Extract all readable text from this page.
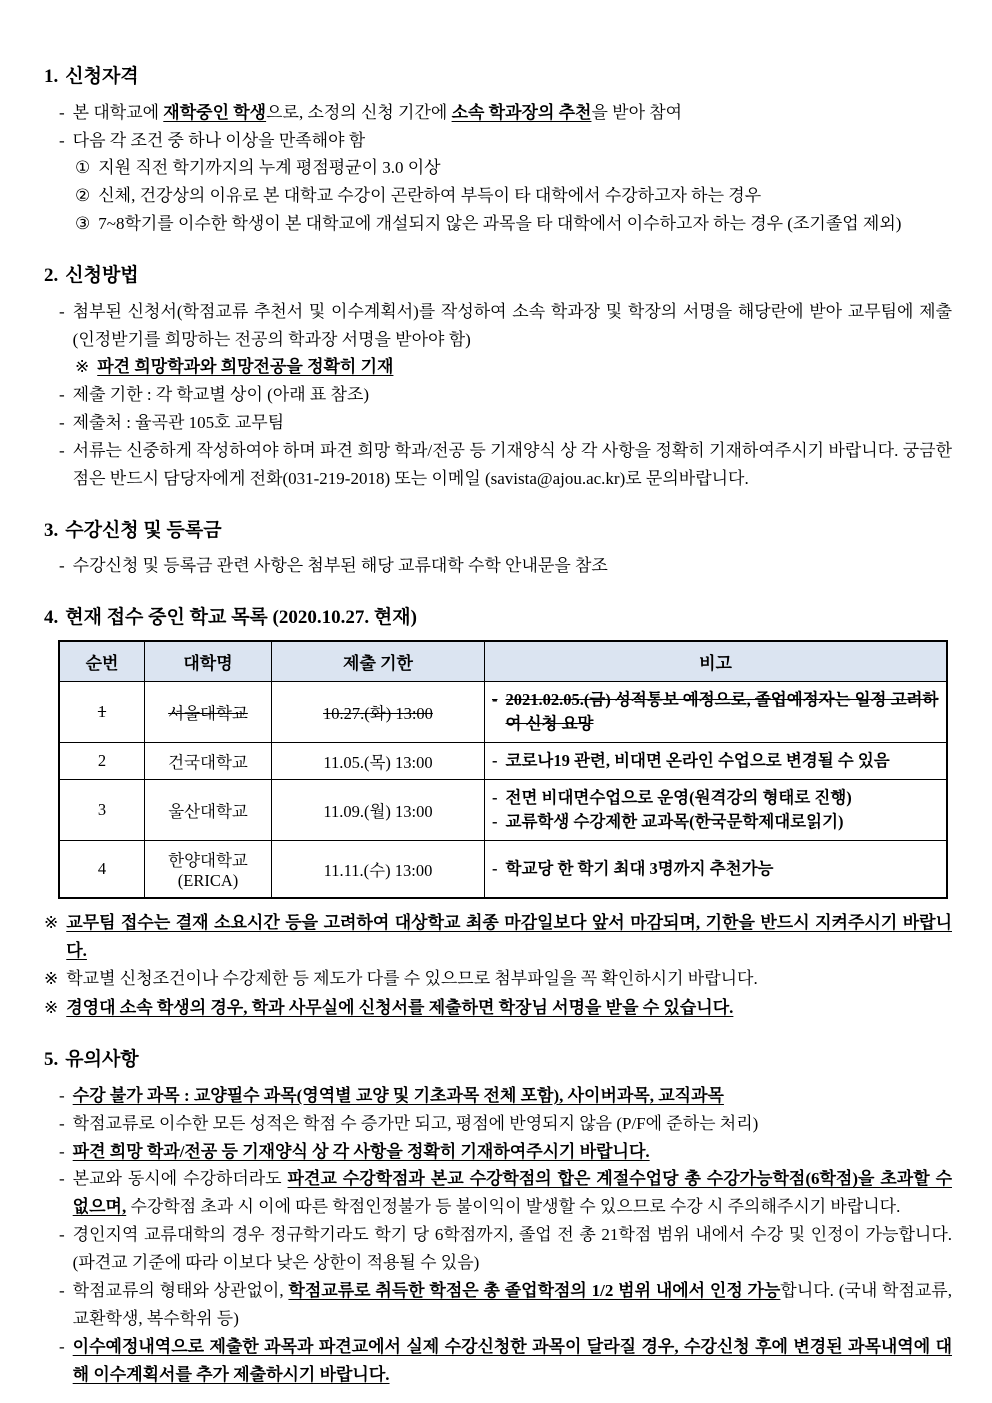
1. 신청자격
- 본 대학교에 재학중인 학생으로, 소정의 신청 기간에 소속 학과장의 추천을 받아 참여
- 다음 각 조건 중 하나 이상을 만족해야 함
① 지원 직전 학기까지의 누계 평점평균이 3.0 이상
② 신체, 건강상의 이유로 본 대학교 수강이 곤란하여 부득이 타 대학에서 수강하고자 하는 경우
③ 7~8학기를 이수한 학생이 본 대학교에 개설되지 않은 과목을 타 대학에서 이수하고자 하는 경우 (조기졸업 제외)
2. 신청방법
- 첨부된 신청서(학점교류 추천서 및 이수계획서)를 작성하여 소속 학과장 및 학장의 서명을 해당란에 받아 교무팀에 제출 (인정받기를 희망하는 전공의 학과장 서명을 받아야 함)
※ 파견 희망학과와 희망전공을 정확히 기재
- 제출 기한 : 각 학교별 상이 (아래 표 참조)
- 제출처 : 율곡관 105호 교무팀
- 서류는 신중하게 작성하여야 하며 파견 희망 학과/전공 등 기재양식 상 각 사항을 정확히 기재하여주시기 바랍니다. 궁금한 점은 반드시 담당자에게 전화(031-219-2018) 또는 이메일 (savista@ajou.ac.kr)로 문의바랍니다.
3. 수강신청 및 등록금
- 수강신청 및 등록금 관련 사항은 첨부된 해당 교류대학 수학 안내문을 참조
4. 현재 접수 중인 학교 목록 (2020.10.27. 현재)
순번	대학명	제출 기한	비고
1	서울대학교	10.27.(화) 13:00	- 2021.02.05.(금) 성적통보 예정으로, 졸업예정자는 일정 고려하여 신청 요망

2	건국대학교	11.05.(목) 13:00	- 코로나19 관련, 비대면 온라인 수업으로 변경될 수 있음

3	울산대학교	11.09.(월) 13:00	- 전면 비대면수업으로 운영(원격강의 형태로 진행)
- 교류학생 수강제한 교과목(한국문학제대로읽기)

4	한양대학교 (ERICA)	11.11.(수) 13:00	- 학교당 한 학기 최대 3명까지 추천가능
※ 교무팀 접수는 결재 소요시간 등을 고려하여 대상학교 최종 마감일보다 앞서 마감되며, 기한을 반드시 지켜주시기 바랍니다.
※ 학교별 신청조건이나 수강제한 등 제도가 다를 수 있으므로 첨부파일을 꼭 확인하시기 바랍니다.
※ 경영대 소속 학생의 경우, 학과 사무실에 신청서를 제출하면 학장님 서명을 받을 수 있습니다.
5. 유의사항
- 수강 불가 과목 : 교양필수 과목(영역별 교양 및 기초과목 전체 포함), 사이버과목, 교직과목
- 학점교류로 이수한 모든 성적은 학점 수 증가만 되고, 평점에 반영되지 않음 (P/F에 준하는 처리)
- 파견 희망 학과/전공 등 기재양식 상 각 사항을 정확히 기재하여주시기 바랍니다.
- 본교와 동시에 수강하더라도 파견교 수강학점과 본교 수강학점의 합은 계절수업당 총 수강가능학점(6학점)을 초과할 수 없으며, 수강학점 초과 시 이에 따른 학점인정불가 등 불이익이 발생할 수 있으므로 수강 시 주의해주시기 바랍니다.
- 경인지역 교류대학의 경우 정규학기라도 학기 당 6학점까지, 졸업 전 총 21학점 범위 내에서 수강 및 인정이 가능합니다. (파견교 기준에 따라 이보다 낮은 상한이 적용될 수 있음)
- 학점교류의 형태와 상관없이, 학점교류로 취득한 학점은 총 졸업학점의 1/2 범위 내에서 인정 가능합니다. (국내 학점교류, 교환학생, 복수학위 등)
- 이수예정내역으로 제출한 과목과 파견교에서 실제 수강신청한 과목이 달라질 경우, 수강신청 후에 변경된 과목내역에 대해 이수계획서를 추가 제출하시기 바랍니다.
